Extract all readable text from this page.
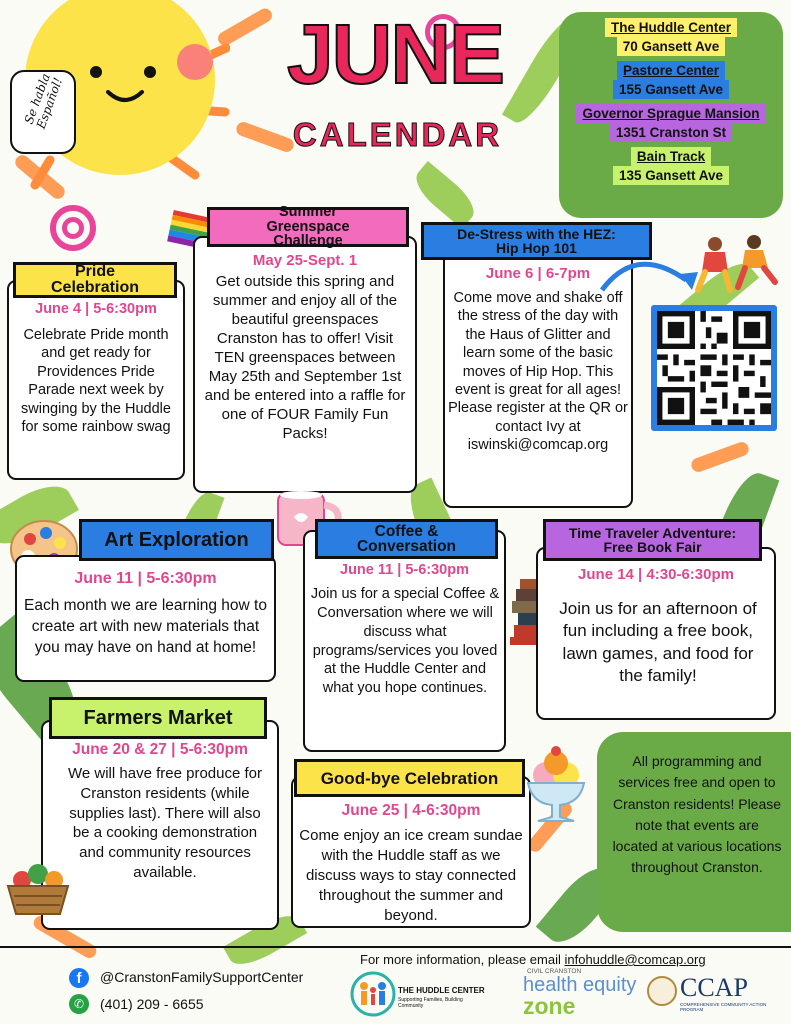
Se habla Español!
JUNE
CALENDAR
The Huddle Center
70 Gansett Ave
Pastore Center
155 Gansett Ave
Governor Sprague Mansion
1351 Cranston St
Bain Track
135 Gansett Ave
Pride Celebration
June 4 | 5-6:30pm
Celebrate Pride month and get ready for Providences Pride Parade next week by swinging by the Huddle for some rainbow swag
Summer Greenspace Challenge
May 25-Sept. 1
Get outside this spring and summer and enjoy all of the beautiful greenspaces Cranston has to offer! Visit TEN greenspaces between May 25th and September 1st and be entered into a raffle for one of FOUR Family Fun Packs!
De-Stress with the HEZ: Hip Hop 101
June 6 | 6-7pm
Come move and shake off the stress of the day with the Haus of Glitter and learn some of the basic moves of Hip Hop. This event is great for all ages! Please register at the QR or contact Ivy at iswinski@comcap.org
Art Exploration
June 11 | 5-6:30pm
Each month we are learning how to create art with new materials that you may have on hand at home!
Coffee & Conversation
June 11 | 5-6:30pm
Join us for a special Coffee & Conversation where we will discuss what programs/services you loved at the Huddle Center and what you hope continues.
Time Traveler Adventure: Free Book Fair
June 14 | 4:30-6:30pm
Join us for an afternoon of fun including a free book, lawn games, and food for the family!
Farmers Market
June 20 & 27 | 5-6:30pm
We will have free produce for Cranston residents (while supplies last). There will also be a cooking demonstration and community resources available.
Good-bye Celebration
June 25 | 4-6:30pm
Come enjoy an ice cream sundae with the Huddle staff as we discuss ways to stay connected throughout the summer and beyond.
All programming and services free and open to Cranston residents! Please note that events are located at various locations throughout Cranston.
For more information, please email infohuddle@comcap.org
f	@CranstonFamilySupportCenter
✆	(401) 209 - 6655
THE HUDDLE CENTER
Supporting Families, Building Community
CIVIL CRANSTON
health equity
zone
CCAP
COMPREHENSIVE COMMUNITY ACTION PROGRAM
